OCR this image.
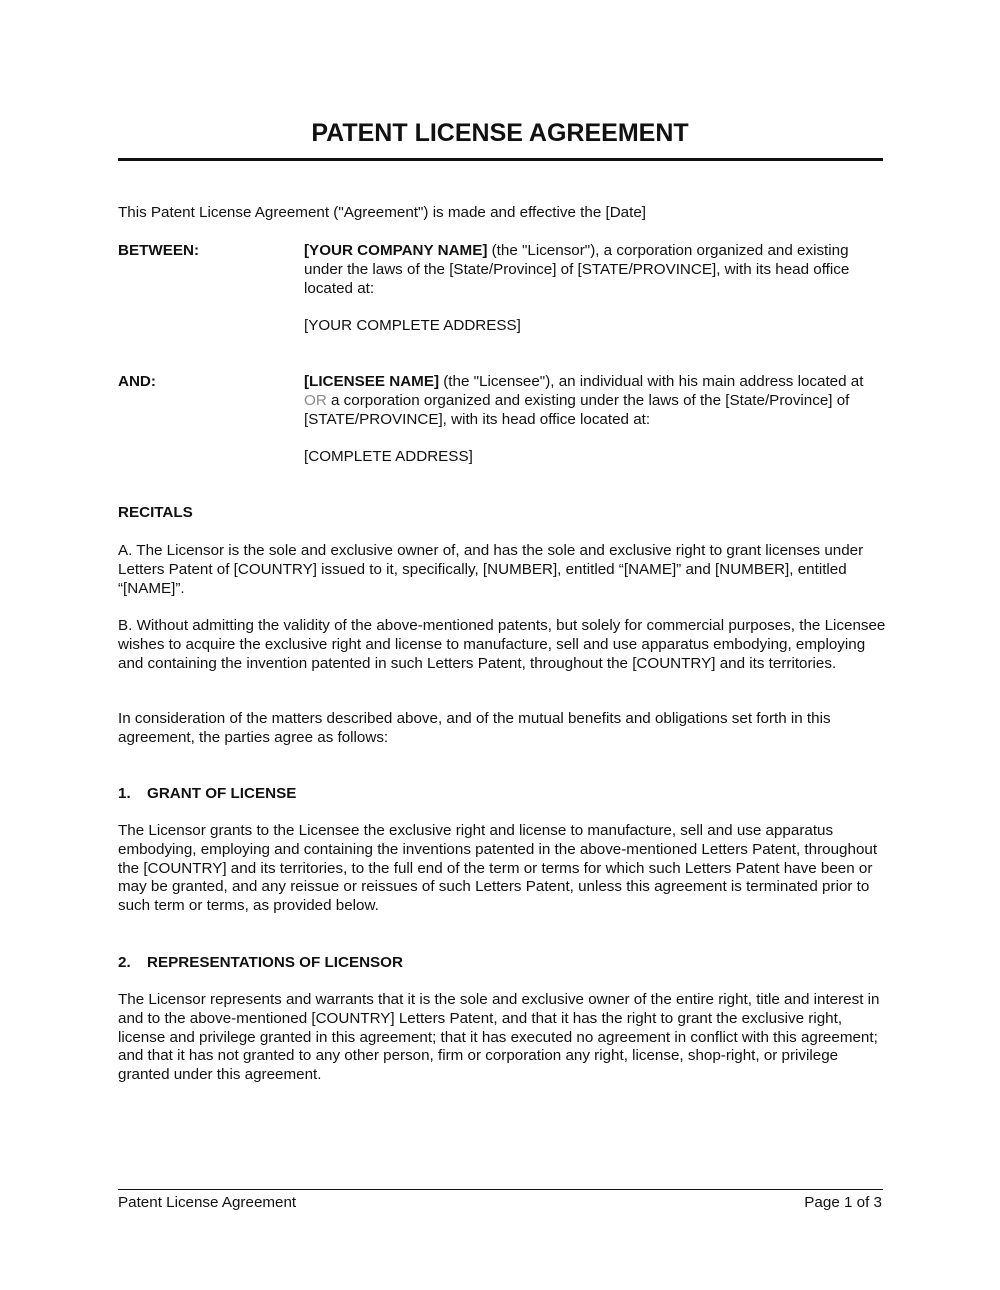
PATENT LICENSE AGREEMENT

This Patent License Agreement ("Agreement") is made and effective the [Date]

BETWEEN:	[YOUR COMPANY NAME] (the "Licensor"), a corporation organized and existing under the laws of the [State/Province] of [STATE/PROVINCE], with its head office located at:

[YOUR COMPLETE ADDRESS]

AND:	[LICENSEE NAME] (the "Licensee"), an individual with his main address located at OR a corporation organized and existing under the laws of the [State/Province] of [STATE/PROVINCE], with its head office located at:

[COMPLETE ADDRESS]

RECITALS

A. The Licensor is the sole and exclusive owner of, and has the sole and exclusive right to grant licenses under Letters Patent of [COUNTRY] issued to it, specifically, [NUMBER], entitled “[NAME]” and [NUMBER], entitled “[NAME]”.

B. Without admitting the validity of the above-mentioned patents, but solely for commercial purposes, the Licensee wishes to acquire the exclusive right and license to manufacture, sell and use apparatus embodying, employing and containing the invention patented in such Letters Patent, throughout the [COUNTRY] and its territories.

In consideration of the matters described above, and of the mutual benefits and obligations set forth in this agreement, the parties agree as follows:

1. GRANT OF LICENSE

The Licensor grants to the Licensee the exclusive right and license to manufacture, sell and use apparatus embodying, employing and containing the inventions patented in the above-mentioned Letters Patent, throughout the [COUNTRY] and its territories, to the full end of the term or terms for which such Letters Patent have been or may be granted, and any reissue or reissues of such Letters Patent, unless this agreement is terminated prior to such term or terms, as provided below.

2. REPRESENTATIONS OF LICENSOR

The Licensor represents and warrants that it is the sole and exclusive owner of the entire right, title and interest in and to the above-mentioned [COUNTRY] Letters Patent, and that it has the right to grant the exclusive right, license and privilege granted in this agreement; that it has executed no agreement in conflict with this agreement; and that it has not granted to any other person, firm or corporation any right, license, shop-right, or privilege granted under this agreement.

Patent License Agreement	Page 1 of 3
